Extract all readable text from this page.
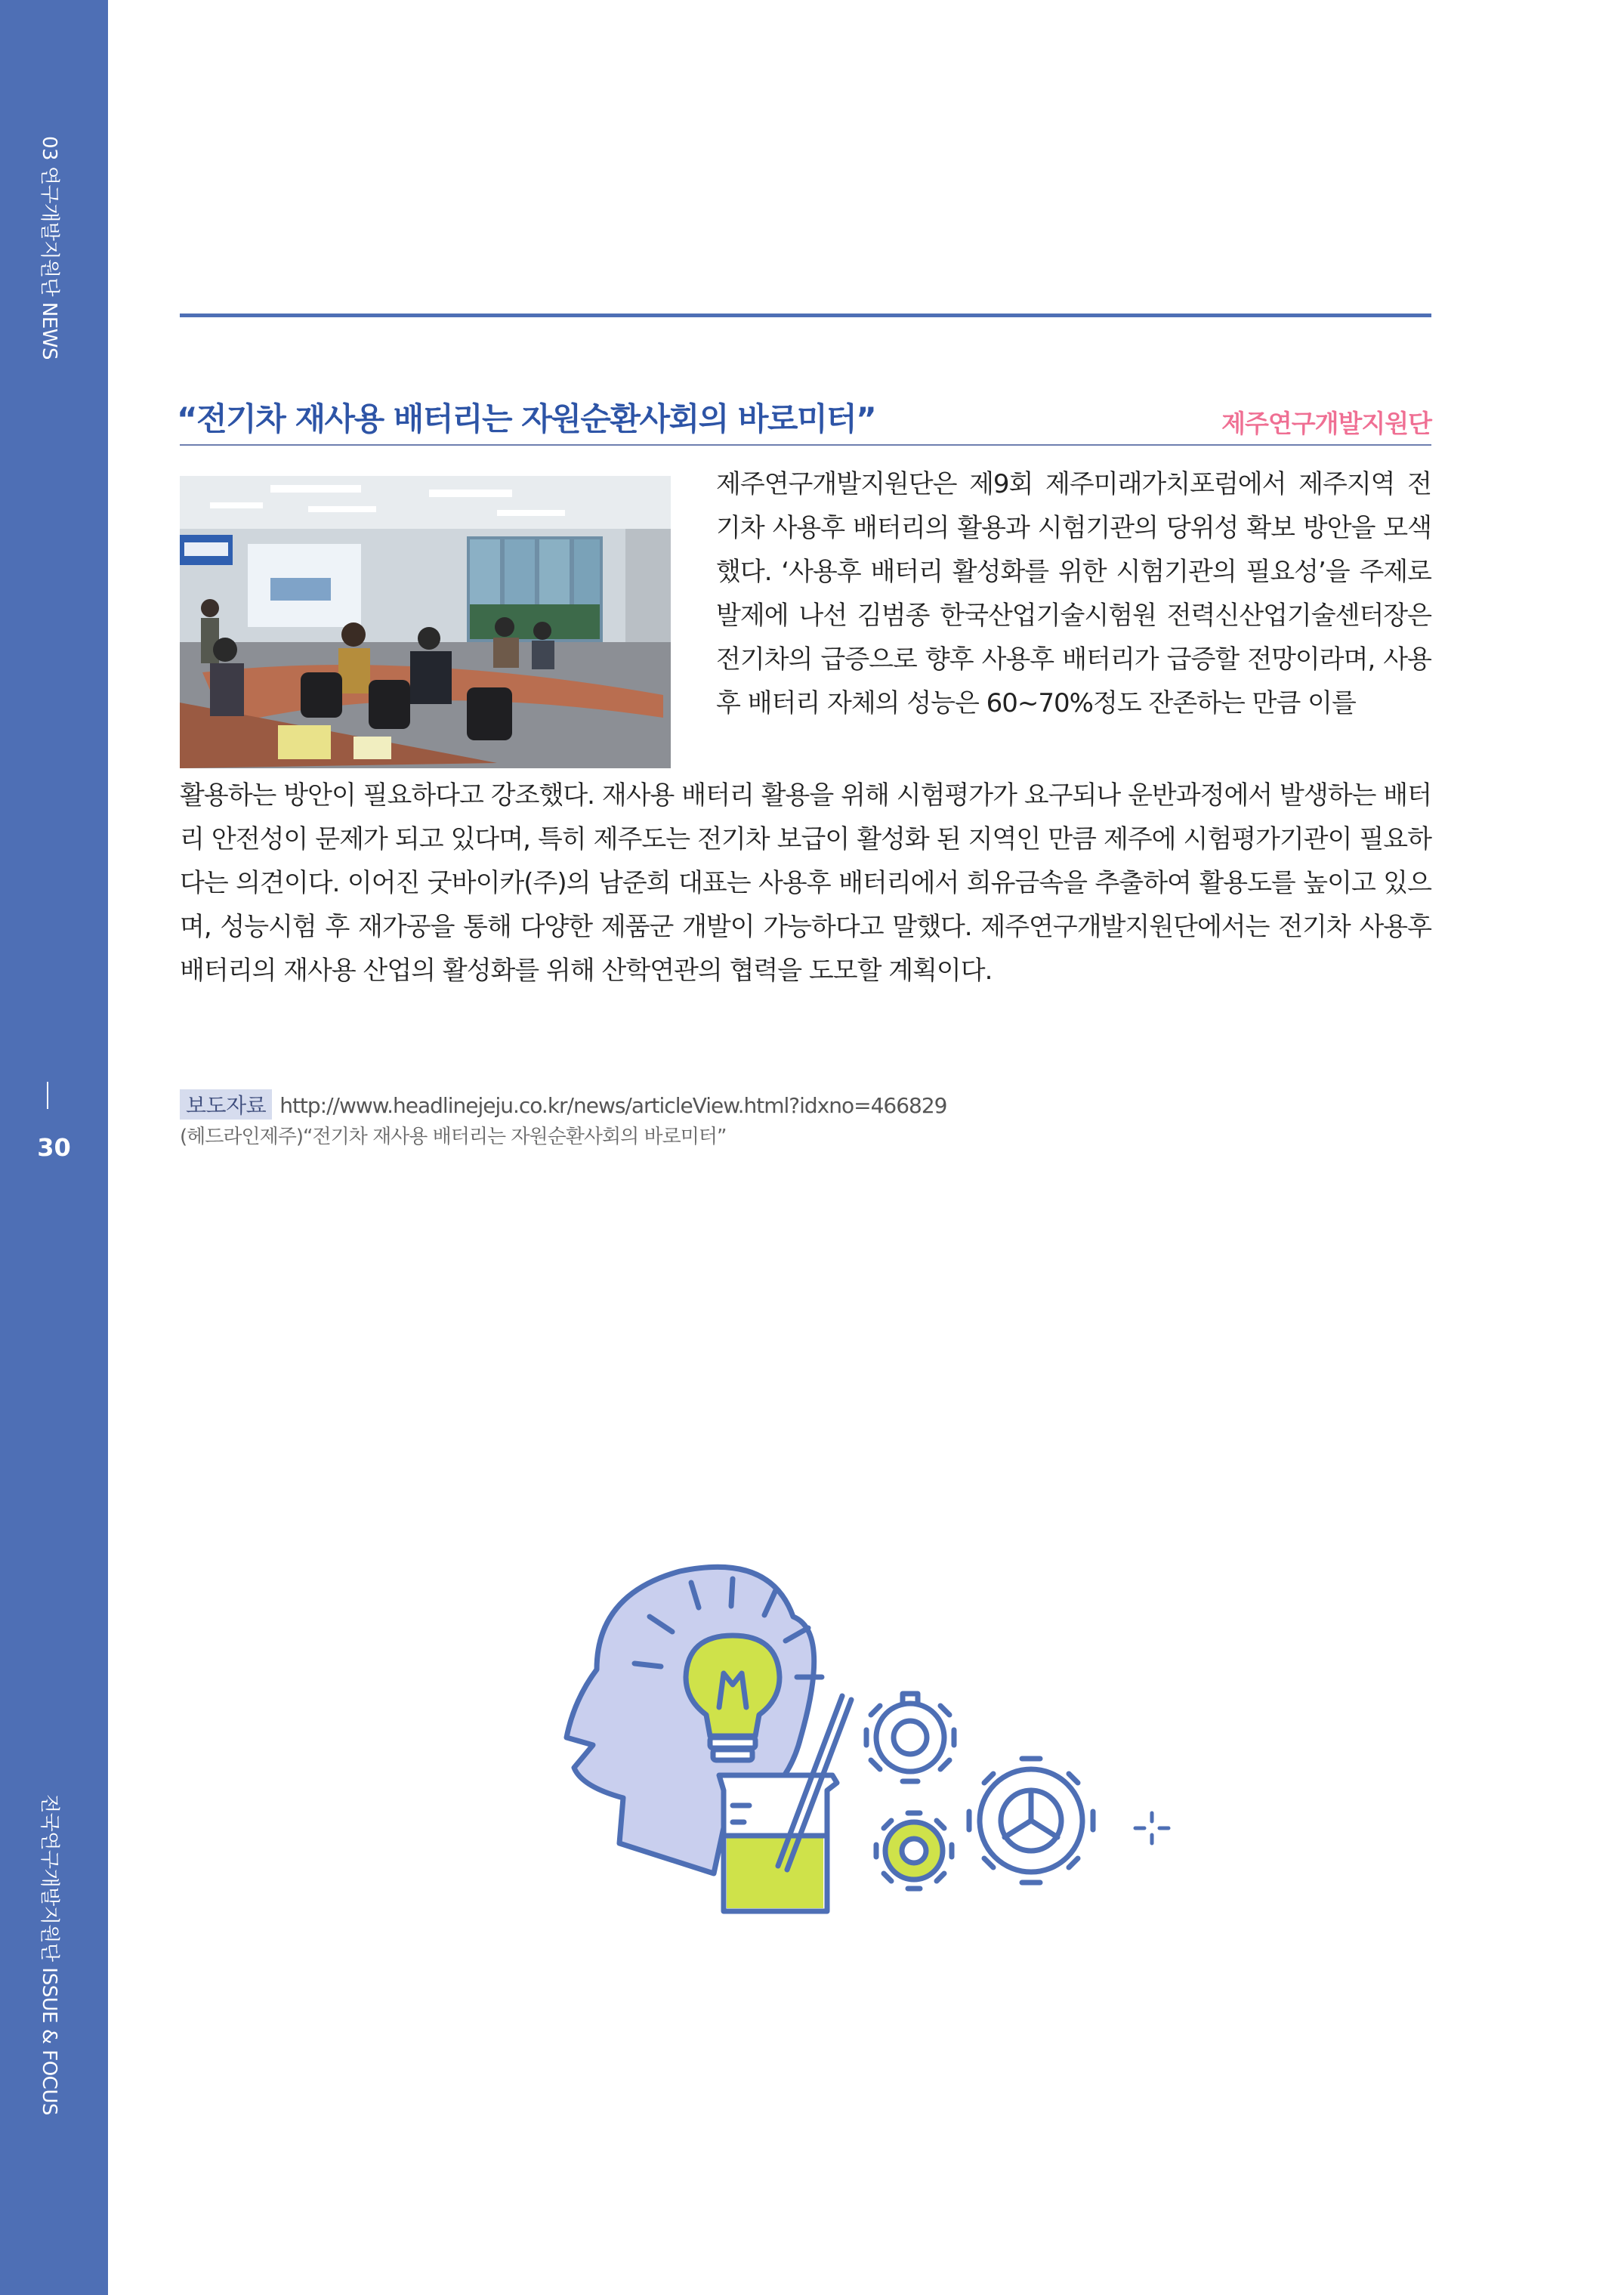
03 연구개발지원단 NEWS
30
전국연구개발지원단 ISSUE & FOCUS
“전기차 재사용 배터리는 자원순환사회의 바로미터”	제주연구개발지원단

제주연구개발지원단은 제9회 제주미래가치포럼에서 제주지역 전기차 사용후 배터리의 활용과 시험기관의 당위성 확보 방안을 모색했다. ‘사용후 배터리 활성화를 위한 시험기관의 필요성’을 주제로 발제에 나선 김범종 한국산업기술시험원 전력신산업기술센터장은 전기차의 급증으로 향후 사용후 배터리가 급증할 전망이라며, 사용후 배터리 자체의 성능은 60~70%정도 잔존하는 만큼 이를

활용하는 방안이 필요하다고 강조했다. 재사용 배터리 활용을 위해 시험평가가 요구되나 운반과정에서 발생하는 배터리 안전성이 문제가 되고 있다며, 특히 제주도는 전기차 보급이 활성화 된 지역인 만큼 제주에 시험평가기관이 필요하다는 의견이다. 이어진 굿바이카(주)의 남준희 대표는 사용후 배터리에서 희유금속을 추출하여 활용도를 높이고 있으며, 성능시험 후 재가공을 통해 다양한 제품군 개발이 가능하다고 말했다. 제주연구개발지원단에서는 전기차 사용후 배터리의 재사용 산업의 활성화를 위해 산학연관의 협력을 도모할 계획이다.

보도자료 http://www.headlinejeju.co.kr/news/articleView.html?idxno=466829
(헤드라인제주)“전기차 재사용 배터리는 자원순환사회의 바로미터”
